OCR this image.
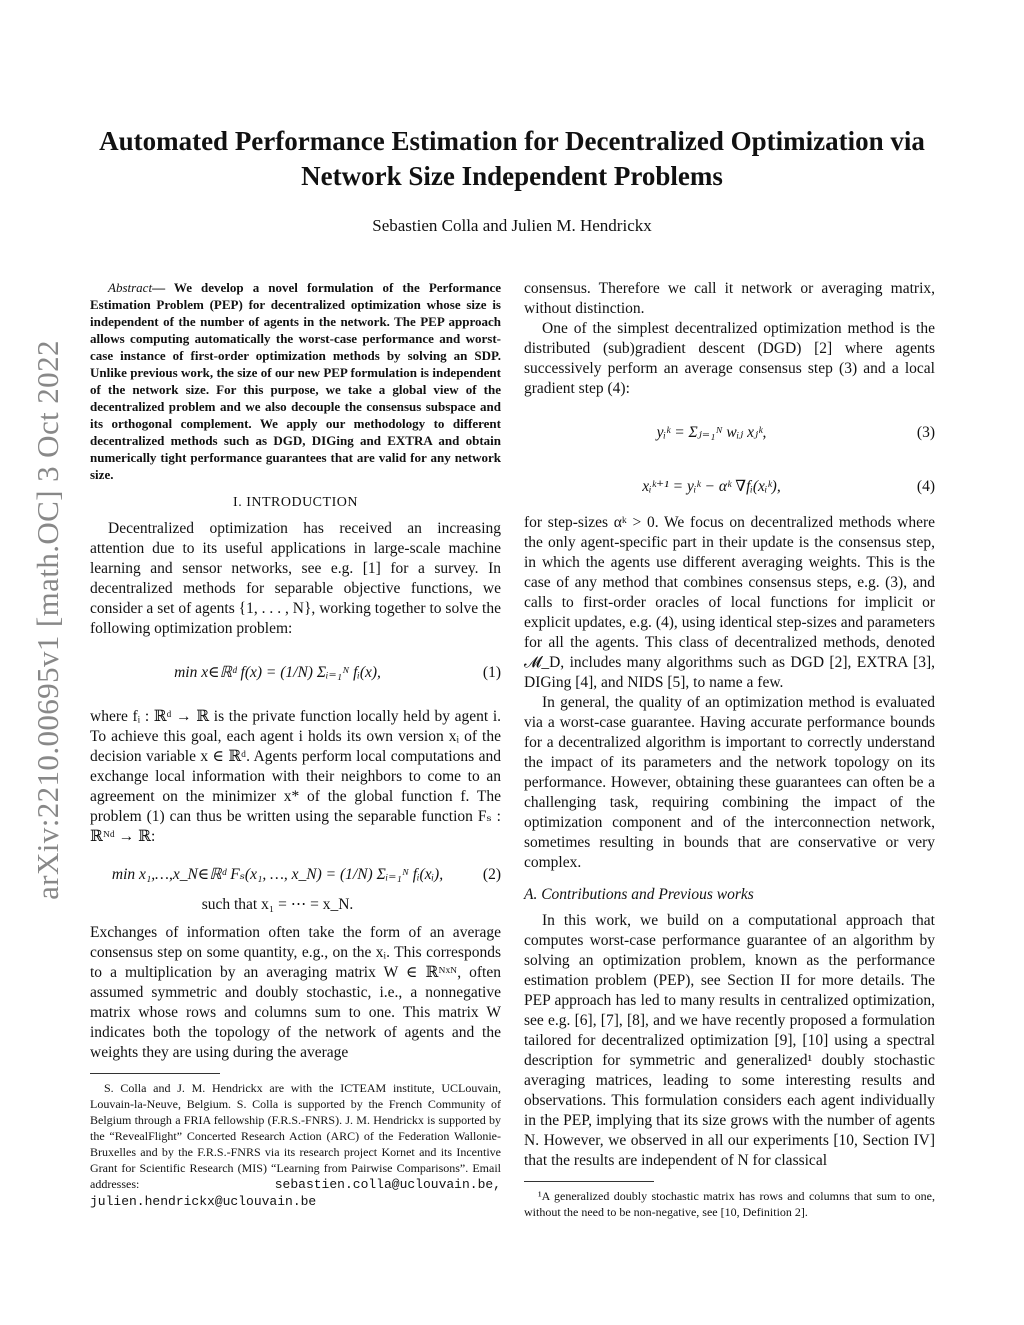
arXiv:2210.00695v1 [math.OC] 3 Oct 2022
Automated Performance Estimation for Decentralized Optimization via Network Size Independent Problems
Sebastien Colla and Julien M. Hendrickx

Abstract— We develop a novel formulation of the Performance Estimation Problem (PEP) for decentralized optimization whose size is independent of the number of agents in the network. The PEP approach allows computing automatically the worst-case performance and worst-case instance of first-order optimization methods by solving an SDP. Unlike previous work, the size of our new PEP formulation is independent of the network size. For this purpose, we take a global view of the decentralized problem and we also decouple the consensus subspace and its orthogonal complement. We apply our methodology to different decentralized methods such as DGD, DIGing and EXTRA and obtain numerically tight performance guarantees that are valid for any network size.

I. INTRODUCTION

Decentralized optimization has received an increasing attention due to its useful applications in large-scale machine learning and sensor networks, see e.g. [1] for a survey. In decentralized methods for separable objective functions, we consider a set of agents {1, . . . , N}, working together to solve the following optimization problem:

min x∈ℝᵈ f(x) = (1/N) Σᵢ₌₁ᴺ fᵢ(x),	(1)

where fᵢ : ℝᵈ → ℝ is the private function locally held by agent i. To achieve this goal, each agent i holds its own version xᵢ of the decision variable x ∈ ℝᵈ. Agents perform local computations and exchange local information with their neighbors to come to an agreement on the minimizer x* of the global function f. The problem (1) can thus be written using the separable function Fₛ : ℝᴺᵈ → ℝ:

min x₁,…,x_N∈ℝᵈ Fₛ(x₁, …, x_N) = (1/N) Σᵢ₌₁ᴺ fᵢ(xᵢ),
such that x₁ = ⋯ = x_N.
(2)

Exchanges of information often take the form of an average consensus step on some quantity, e.g., on the xᵢ. This corresponds to a multiplication by an averaging matrix W ∈ ℝᴺˣᴺ, often assumed symmetric and doubly stochastic, i.e., a nonnegative matrix whose rows and columns sum to one. This matrix W indicates both the topology of the network of agents and the weights they are using during the average

S. Colla and J. M. Hendrickx are with the ICTEAM institute, UCLouvain, Louvain-la-Neuve, Belgium. S. Colla is supported by the French Community of Belgium through a FRIA fellowship (F.R.S.-FNRS). J. M. Hendrickx is supported by the “RevealFlight” Concerted Research Action (ARC) of the Federation Wallonie-Bruxelles and by the F.R.S.-FNRS via its research project Kornet and its Incentive Grant for Scientific Research (MIS) “Learning from Pairwise Comparisons”. Email addresses:	sebastien.colla@uclouvain.be, julien.hendrickx@uclouvain.be

consensus. Therefore we call it network or averaging matrix, without distinction.

One of the simplest decentralized optimization method is the distributed (sub)gradient descent (DGD) [2] where agents successively perform an average consensus step (3) and a local gradient step (4):

yᵢᵏ = Σⱼ₌₁ᴺ wᵢⱼ xⱼᵏ,	(3)
xᵢᵏ⁺¹ = yᵢᵏ − αᵏ ∇fᵢ(xᵢᵏ),	(4)

for step-sizes αᵏ > 0. We focus on decentralized methods where the only agent-specific part in their update is the consensus step, in which the agents use different averaging weights. This is the case of any method that combines consensus steps, e.g. (3), and calls to first-order oracles of local functions for implicit or explicit updates, e.g. (4), using identical step-sizes and parameters for all the agents. This class of decentralized methods, denoted 𝓜_D, includes many algorithms such as DGD [2], EXTRA [3], DIGing [4], and NIDS [5], to name a few.

In general, the quality of an optimization method is evaluated via a worst-case guarantee. Having accurate performance bounds for a decentralized algorithm is important to correctly understand the impact of its parameters and the network topology on its performance. However, obtaining these guarantees can often be a challenging task, requiring combining the impact of the optimization component and of the interconnection network, sometimes resulting in bounds that are conservative or very complex.

A. Contributions and Previous works

In this work, we build on a computational approach that computes worst-case performance guarantee of an algorithm by solving an optimization problem, known as the performance estimation problem (PEP), see Section II for more details. The PEP approach has led to many results in centralized optimization, see e.g. [6], [7], [8], and we have recently proposed a formulation tailored for decentralized optimization [9], [10] using a spectral description for symmetric and generalized¹ doubly stochastic averaging matrices, leading to some interesting results and observations. This formulation considers each agent individually in the PEP, implying that its size grows with the number of agents N. However, we observed in all our experiments [10, Section IV] that the results are independent of N for classical

¹A generalized doubly stochastic matrix has rows and columns that sum to one, without the need to be non-negative, see [10, Definition 2].
